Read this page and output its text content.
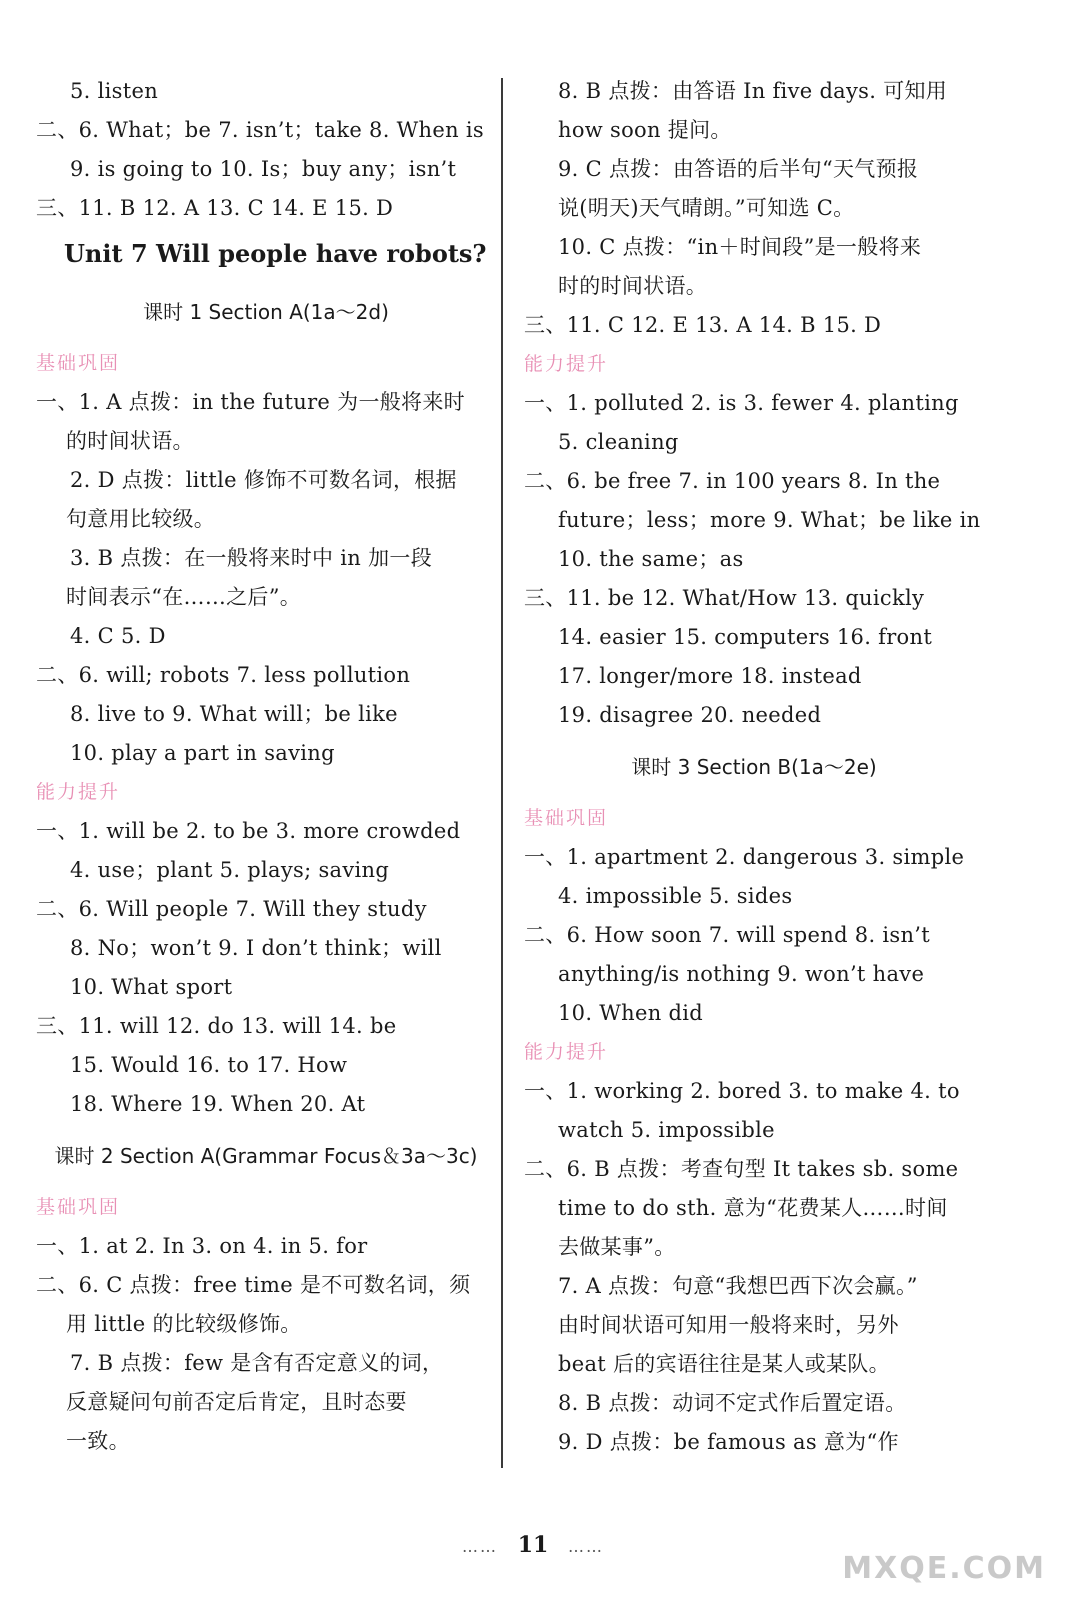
5. listen
二、6. What；be 7. isn’t；take 8. When is
9. is going to 10. Is；buy any；isn’t
三、11. B 12. A 13. C 14. E 15. D
Unit 7 Will people have robots?
课时 1 Section A(1a～2d)
基础巩固
一、1. A 点拨：in the future 为一般将来时
的时间状语。
2. D 点拨：little 修饰不可数名词，根据
句意用比较级。
3. B 点拨：在一般将来时中 in 加一段
时间表示“在……之后”。
4. C 5. D
二、6. will; robots 7. less pollution
8. live to 9. What will；be like
10. play a part in saving
能力提升
一、1. will be 2. to be 3. more crowded
4. use；plant 5. plays; saving
二、6. Will people 7. Will they study
8. No；won’t 9. I don’t think；will
10. What sport
三、11. will 12. do 13. will 14. be
15. Would 16. to 17. How
18. Where 19. When 20. At
课时 2 Section A(Grammar Focus＆3a～3c)
基础巩固
一、1. at 2. In 3. on 4. in 5. for
二、6. C 点拨：free time 是不可数名词，须
用 little 的比较级修饰。
7. B 点拨：few 是含有否定意义的词，
反意疑问句前否定后肯定，且时态要
一致。
8. B 点拨：由答语 In five days. 可知用
how soon 提问。
9. C 点拨：由答语的后半句“天气预报
说(明天)天气晴朗。”可知选 C。
10. C 点拨：“in＋时间段”是一般将来
时的时间状语。
三、11. C 12. E 13. A 14. B 15. D
能力提升
一、1. polluted 2. is 3. fewer 4. planting
5. cleaning
二、6. be free 7. in 100 years 8. In the
future；less；more 9. What；be like in
10. the same；as
三、11. be 12. What/How 13. quickly
14. easier 15. computers 16. front
17. longer/more 18. instead
19. disagree 20. needed
课时 3 Section B(1a～2e)
基础巩固
一、1. apartment 2. dangerous 3. simple
4. impossible 5. sides
二、6. How soon 7. will spend 8. isn’t
anything/is nothing 9. won’t have
10. When did
能力提升
一、1. working 2. bored 3. to make 4. to
watch 5. impossible
二、6. B 点拨：考查句型 It takes sb. some
time to do sth. 意为“花费某人……时间
去做某事”。
7. A 点拨：句意“我想巴西下次会赢。”
由时间状语可知用一般将来时，另外
beat 后的宾语往往是某人或某队。
8. B 点拨：动词不定式作后置定语。
9. D 点拨：be famous as 意为“作
…… 11 ……
MXQE.COM
